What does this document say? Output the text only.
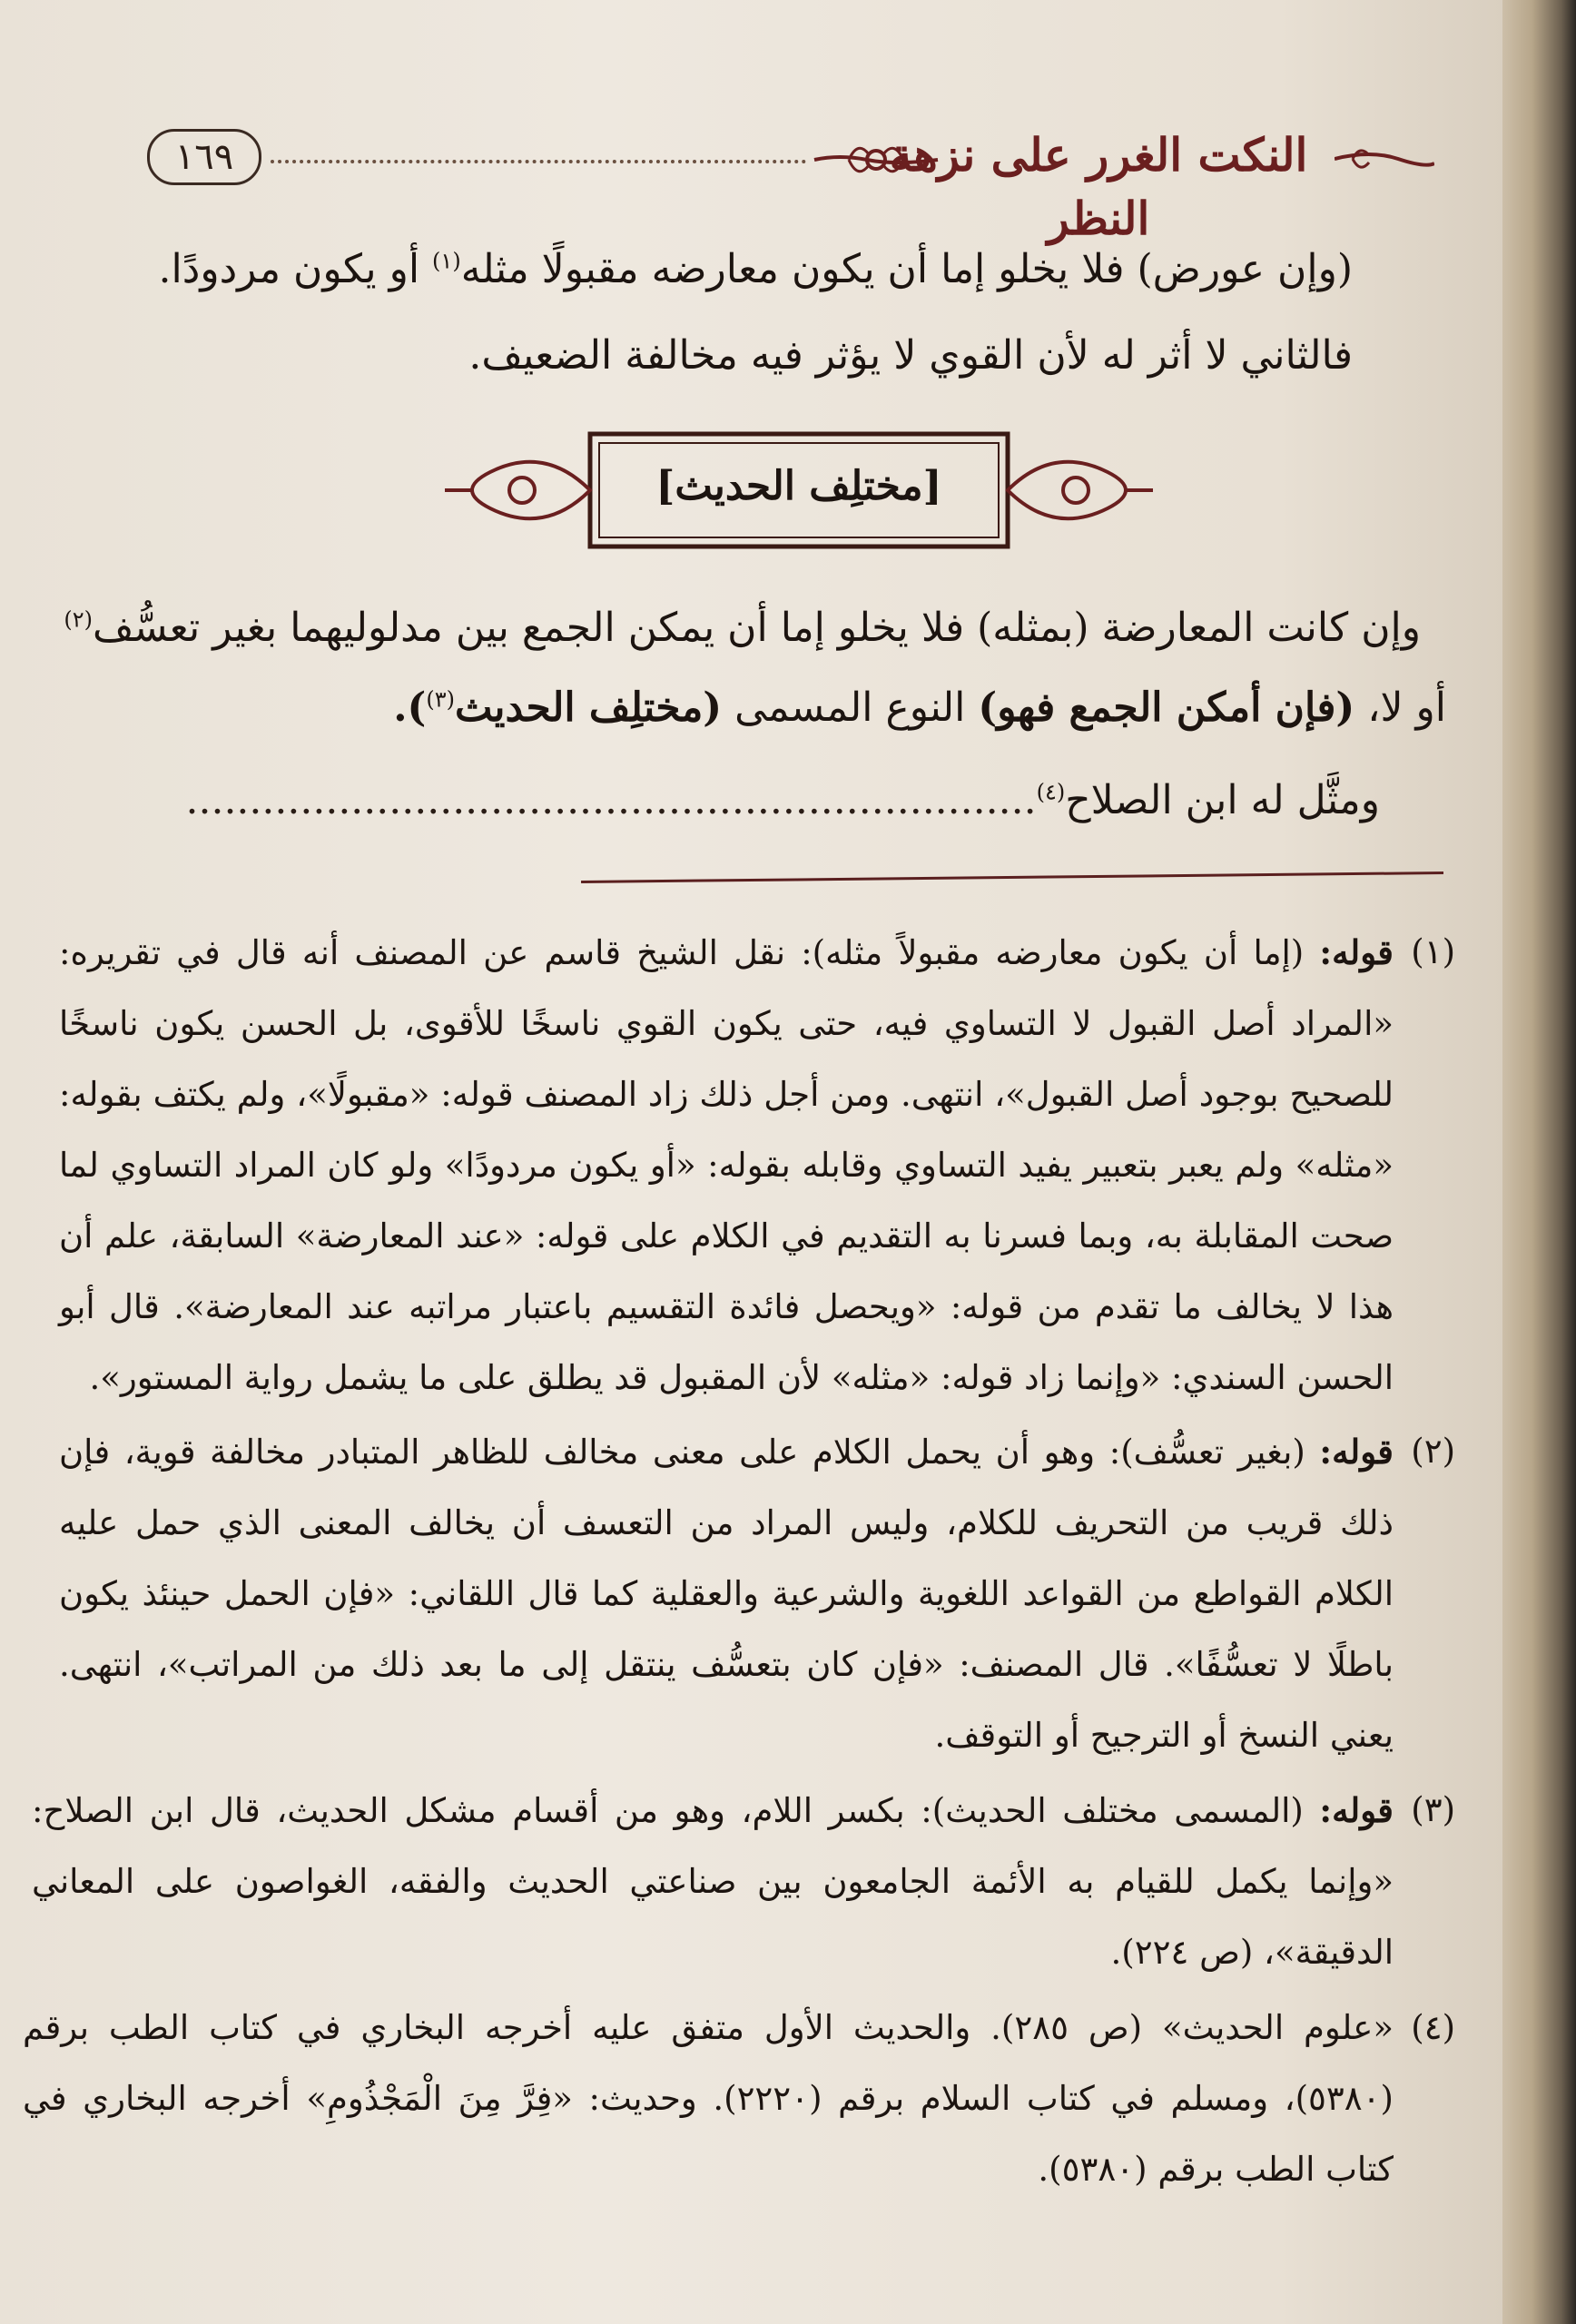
١٦٩	النكت الغرر على نزهة النظر
(وإن عورض) فلا يخلو إما أن يكون معارضه مقبولًا مثله$^{(١)}$ أو يكون مردودًا.
فالثاني لا أثر له لأن القوي لا يؤثر فيه مخالفة الضعيف.
[مختلِف الحديث]
وإن كانت المعارضة (بمثله) فلا يخلو إما أن يمكن الجمع بين مدلوليهما بغير تعسُّف$^{(٢)}$
أو لا، (فإن أمكن الجمع فهو) النوع المسمى (مختلِف الحديث$^{(٣)}$).
ومثَّل له ابن الصلاح$^{(٤)}$...................................................................
(١)
قوله: (إما أن يكون معارضه مقبولاً مثله): نقل الشيخ قاسم عن المصنف أنه قال في تقريره: «المراد أصل القبول لا التساوي فيه، حتى يكون القوي ناسخًا للأقوى، بل الحسن يكون ناسخًا للصحيح بوجود أصل القبول»، انتهى. ومن أجل ذلك زاد المصنف قوله: «مقبولًا»، ولم يكتف بقوله: «مثله» ولم يعبر بتعبير يفيد التساوي وقابله بقوله: «أو يكون مردودًا» ولو كان المراد التساوي لما صحت المقابلة به، وبما فسرنا به التقديم في الكلام على قوله: «عند المعارضة» السابقة، علم أن هذا لا يخالف ما تقدم من قوله: «ويحصل فائدة التقسيم باعتبار مراتبه عند المعارضة». قال أبو الحسن السندي: «وإنما زاد قوله: «مثله» لأن المقبول قد يطلق على ما يشمل رواية المستور».
(٢)
قوله: (بغير تعسُّف): وهو أن يحمل الكلام على معنى مخالف للظاهر المتبادر مخالفة قوية، فإن ذلك قريب من التحريف للكلام، وليس المراد من التعسف أن يخالف المعنى الذي حمل عليه الكلام القواطع من القواعد اللغوية والشرعية والعقلية كما قال اللقاني: «فإن الحمل حينئذ يكون باطلًا لا تعسُّفًا». قال المصنف: «فإن كان بتعسُّف ينتقل إلى ما بعد ذلك من المراتب»، انتهى. يعني النسخ أو الترجيح أو التوقف.
(٣)
قوله: (المسمى مختلف الحديث): بكسر اللام، وهو من أقسام مشكل الحديث، قال ابن الصلاح: «وإنما يكمل للقيام به الأئمة الجامعون بين صناعتي الحديث والفقه، الغواصون على المعاني الدقيقة»، (ص ٢٢٤).
(٤)
«علوم الحديث» (ص ٢٨٥). والحديث الأول متفق عليه أخرجه البخاري في كتاب الطب برقم (٥٣٨٠)، ومسلم في كتاب السلام برقم (٢٢٢٠). وحديث: «فِرَّ مِنَ الْمَجْذُومِ» أخرجه البخاري في كتاب الطب برقم (٥٣٨٠).
